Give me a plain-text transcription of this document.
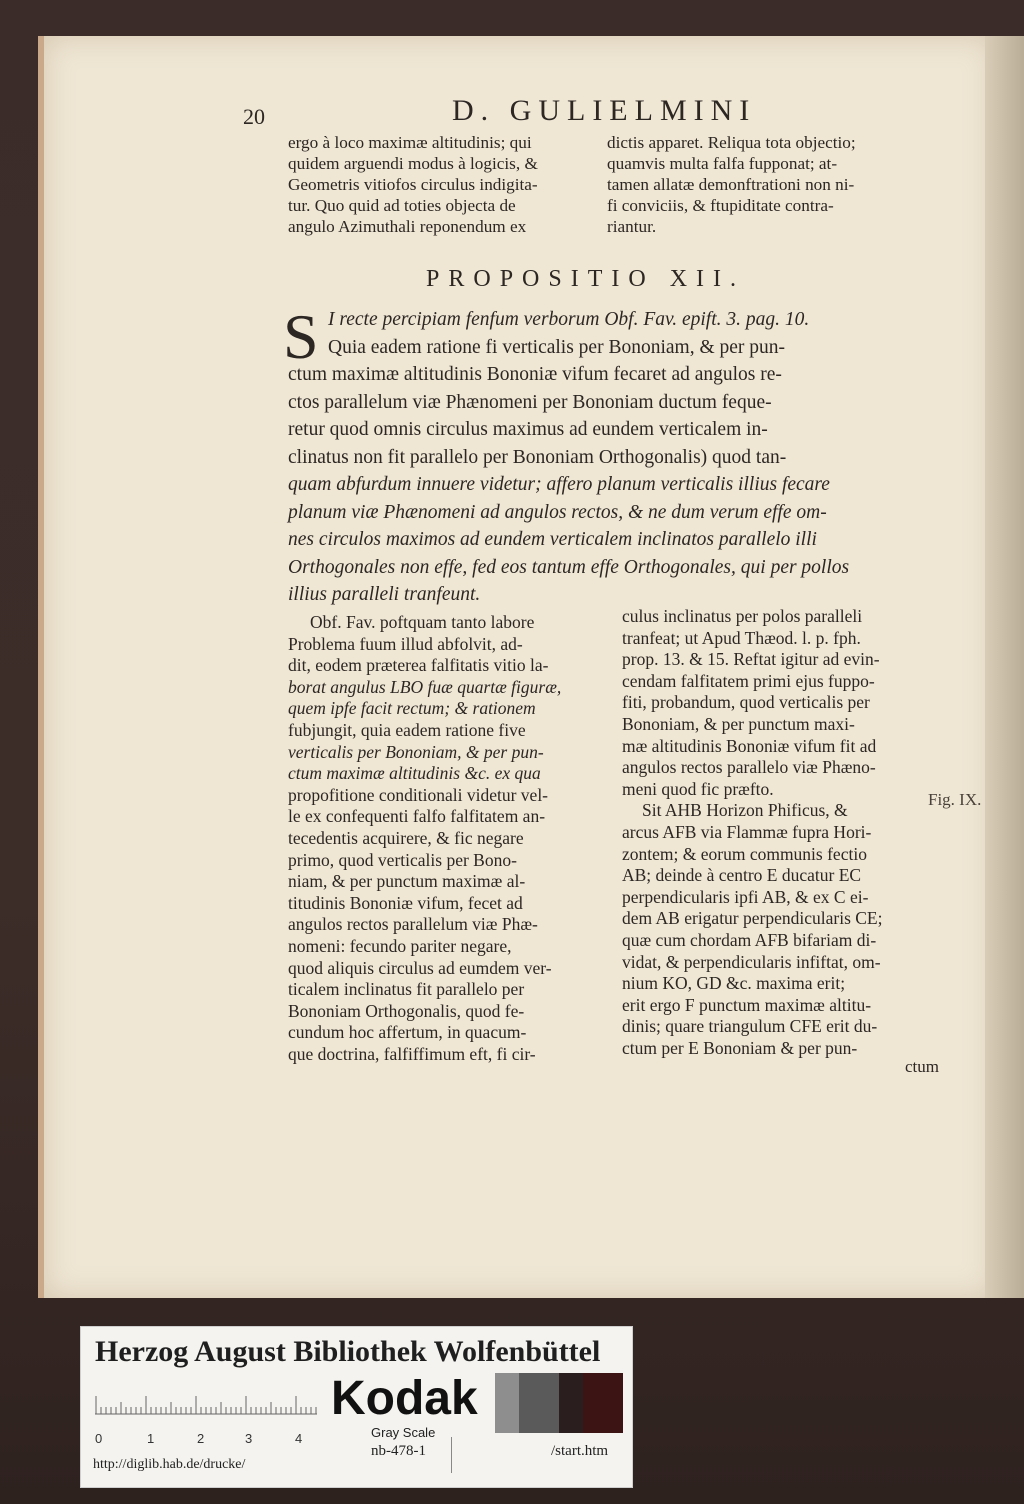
20	D. GULIELMINI
ergo à loco maximæ altitudinis; qui
quidem arguendi modus à logicis, &
Geometris vitiofos circulus indigita-
tur. Quo quid ad toties objecta de
angulo Azimuthali reponendum ex
dictis apparet. Reliqua tota objectio;
quamvis multa falfa fupponat; at-
tamen allatæ demonftrationi non ni-
fi conviciis, & ftupiditate contra-
riantur.
PROPOSITIO XII.
S I recte percipiam fenfum verborum Obf. Fav. epift. 3. pag. 10.
Quia eadem ratione fi verticalis per Bononiam, & per pun-
ctum maximæ altitudinis Bononiæ vifum fecaret ad angulos re-
ctos parallelum viæ Phænomeni per Bononiam ductum feque-
retur quod omnis circulus maximus ad eundem verticalem in-
clinatus non fit parallelo per Bononiam Orthogonalis) quod tan-
quam abfurdum innuere videtur; affero planum verticalis illius fecare
planum viæ Phænomeni ad angulos rectos, & ne dum verum effe om-
nes circulos maximos ad eundem verticalem inclinatos parallelo illi
Orthogonales non effe, fed eos tantum effe Orthogonales, qui per pollos
illius paralleli tranfeunt.
Obf. Fav. poftquam tanto labore
Problema fuum illud abfolvit, ad-
dit, eodem præterea falfitatis vitio la-
borat angulus LBO fuæ quartæ figuræ,
quem ipfe facit rectum; & rationem
fubjungit, quia eadem ratione five
verticalis per Bononiam, & per pun-
ctum maximæ altitudinis &c. ex qua
propofitione conditionali videtur vel-
le ex confequenti falfo falfitatem an-
tecedentis acquirere, & fic negare
primo, quod verticalis per Bono-
niam, & per punctum maximæ al-
titudinis Bononiæ vifum, fecet ad
angulos rectos parallelum viæ Phæ-
nomeni: fecundo pariter negare,
quod aliquis circulus ad eumdem ver-
ticalem inclinatus fit parallelo per
Bononiam Orthogonalis, quod fe-
cundum hoc affertum, in quacum-
que doctrina, falfiffimum eft, fi cir-
culus inclinatus per polos paralleli
tranfeat; ut Apud Thæod. l. p. fph.
prop. 13. & 15. Reftat igitur ad evin-
cendam falfitatem primi ejus fuppo-
fiti, probandum, quod verticalis per
Bononiam, & per punctum maxi-
mæ altitudinis Bononiæ vifum fit ad
angulos rectos parallelo viæ Phæno-
meni quod fic præfto.
Sit AHB Horizon Phificus, &
arcus AFB via Flammæ fupra Hori-
zontem; & eorum communis fectio
AB; deinde à centro E ducatur EC
perpendicularis ipfi AB, & ex C ei-
dem AB erigatur perpendicularis CE;
quæ cum chordam AFB bifariam di-
vidat, & perpendicularis infiftat, om-
nium KO, GD &c. maxima erit;
erit ergo F punctum maximæ altitu-
dinis; quare triangulum CFE erit du-
ctum per E Bononiam & per pun-
ctum
Fig. IX.
Herzog August Bibliothek Wolfenbüttel
0	1	2	3	4
Kodak
Gray Scale
nb-478-1	/start.htm
http://diglib.hab.de/drucke/
